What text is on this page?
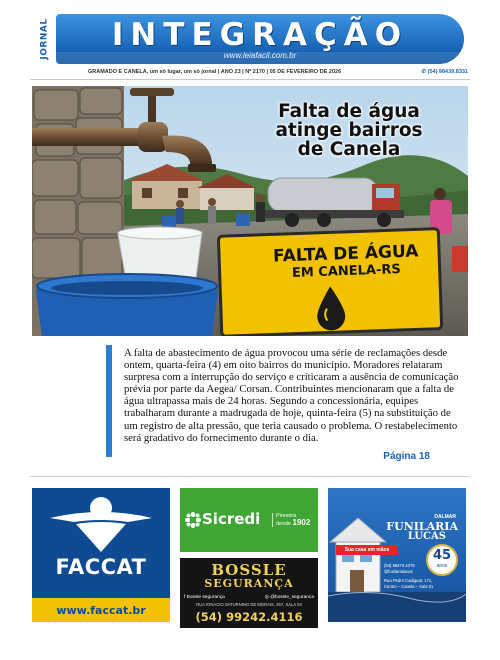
JORNAL	INTEGRAÇÃO
www.leiafacil.com.br
GRAMADO E CANELA, um só lugar, um só jornal | ANO 23 | Nº 2170 | 05 DE FEVEREIRO DE 2026	✆ (54) 98439.8331
Falta de água
atinge bairros
de Canela
FALTA DE ÁGUA
EM CANELA-RS
A falta de abastecimento de água provocou uma série de reclamações desde ontem, quarta-feira (4) em oito bairros do município. Moradores relataram surpresa com a interrupção do serviço e criticaram a ausência de comunicação prévia por parte da Aegea/ Corsan. Contribuintes mencionaram que a falta de água ultrapassa mais de 24 horas. Segundo a concessionária, equipes trabalharam durante a madrugada de hoje, quinta-feira (5) na substituição de um registro de alta pressão, que teria causado o problema. O restabelecimento será gradativo do fornecimento durante o dia.
Página 18
FACCAT
www.faccat.br
Sicredi	Pioneira
desde 1902
BOSSLE
SEGURANÇA
f Bossle segurança	◎ @bossle_seguranca
RUA IGNACIO SATURNINO DE MORAIS, 357, SALA 04
(54) 99242.4116
DALMAR
FUNILARIA
LUCAS
Sua casa em mãos	45
anos
(54) 98474.4376
@funilarialucas
Rua Pedro Cadiguat, 171,
Centro – Canela – Sala 01
